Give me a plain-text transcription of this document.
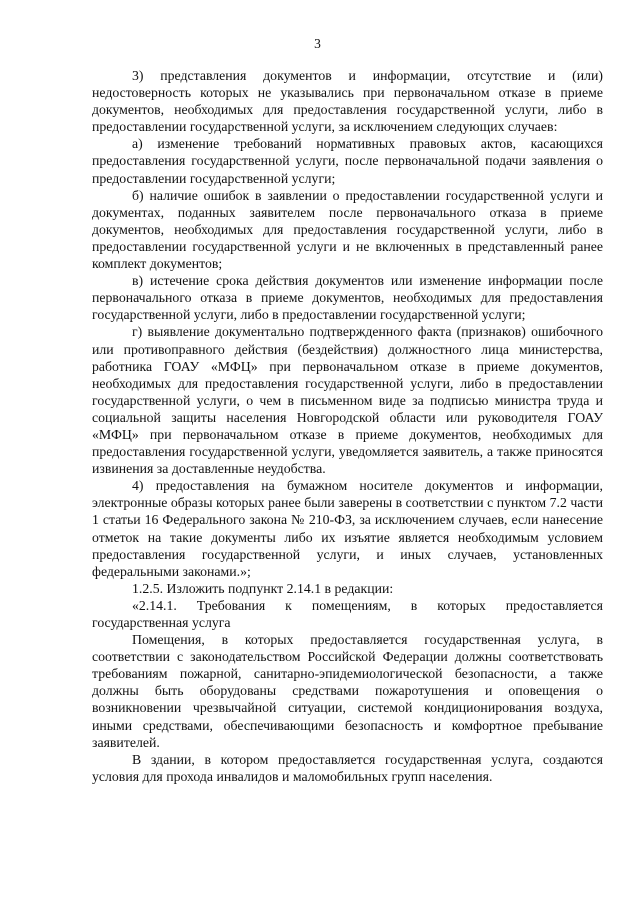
3

3) представления документов и информации, отсутствие и (или) недостоверность которых не указывались при первоначальном отказе в приеме документов, необходимых для предоставления государственной услуги, либо в предоставлении государственной услуги, за исключением следующих случаев:

а) изменение требований нормативных правовых актов, касающихся предоставления государственной услуги, после первоначальной подачи заявления о предоставлении государственной услуги;

б) наличие ошибок в заявлении о предоставлении государственной услуги и документах, поданных заявителем после первоначального отказа в приеме документов, необходимых для предоставления государственной услуги, либо в предоставлении государственной услуги и не включенных в представленный ранее комплект документов;

в) истечение срока действия документов или изменение информации после первоначального отказа в приеме документов, необходимых для предоставления государственной услуги, либо в предоставлении государственной услуги;

г) выявление документально подтвержденного факта (признаков) ошибочного или противоправного действия (бездействия) должностного лица министерства, работника ГОАУ «МФЦ» при первоначальном отказе в приеме документов, необходимых для предоставления государственной услуги, либо в предоставлении государственной услуги, о чем в письменном виде за подписью министра труда и социальной защиты населения Новгородской области или руководителя ГОАУ «МФЦ» при первоначальном отказе в приеме документов, необходимых для предоставления государственной услуги, уведомляется заявитель, а также приносятся извинения за доставленные неудобства.

4) предоставления на бумажном носителе документов и информации, электронные образы которых ранее были заверены в соответствии с пунктом 7.2 части 1 статьи 16 Федерального закона № 210-ФЗ, за исключением случаев, если нанесение отметок на такие документы либо их изъятие является необходимым условием предоставления государственной услуги, и иных случаев, установленных федеральными законами.»;

1.2.5. Изложить подпункт 2.14.1 в редакции:

«2.14.1. Требования к помещениям, в которых предоставляется государственная услуга

Помещения, в которых предоставляется государственная услуга, в соответствии с законодательством Российской Федерации должны соответствовать требованиям пожарной, санитарно-эпидемиологической безопасности, а также должны быть оборудованы средствами пожаротушения и оповещения о возникновении чрезвычайной ситуации, системой кондиционирования воздуха, иными средствами, обеспечивающими безопасность и комфортное пребывание заявителей.

В здании, в котором предоставляется государственная услуга, создаются условия для прохода инвалидов и маломобильных групп населения.
